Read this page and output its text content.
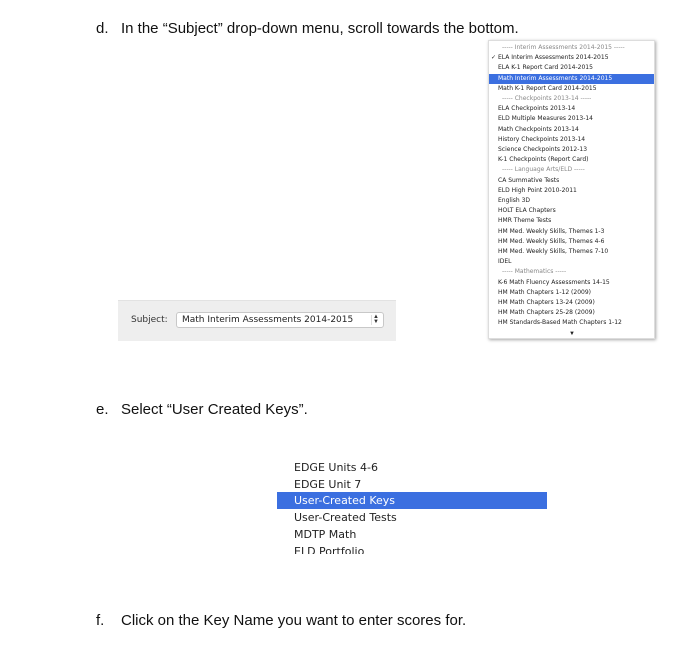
d. In the “Subject” drop-down menu, scroll towards the bottom.
Subject: Math Interim Assessments 2014-2015	▲
▼
----- Interim Assessments 2014-2015 -----
✓ ELA Interim Assessments 2014-2015
ELA K-1 Report Card 2014-2015
Math Interim Assessments 2014-2015
Math K-1 Report Card 2014-2015
----- Checkpoints 2013-14 -----
ELA Checkpoints 2013-14
ELD Multiple Measures 2013-14
Math Checkpoints 2013-14
History Checkpoints 2013-14
Science Checkpoints 2012-13
K-1 Checkpoints (Report Card)
----- Language Arts/ELD -----
CA Summative Tests
ELD High Point 2010-2011
English 3D
HOLT ELA Chapters
HMR Theme Tests
HM Med. Weekly Skills, Themes 1-3
HM Med. Weekly Skills, Themes 4-6
HM Med. Weekly Skills, Themes 7-10
IDEL
----- Mathematics -----
K-6 Math Fluency Assessments 14-15
HM Math Chapters 1-12 (2009)
HM Math Chapters 13-24 (2009)
HM Math Chapters 25-28 (2009)
HM Standards-Based Math Chapters 1-12
▼
e. Select “User Created Keys”.
EDGE Units 4-6
EDGE Unit 7
User-Created Keys
User-Created Tests
MDTP Math
ELD Portfolio
f. Click on the Key Name you want to enter scores for.
